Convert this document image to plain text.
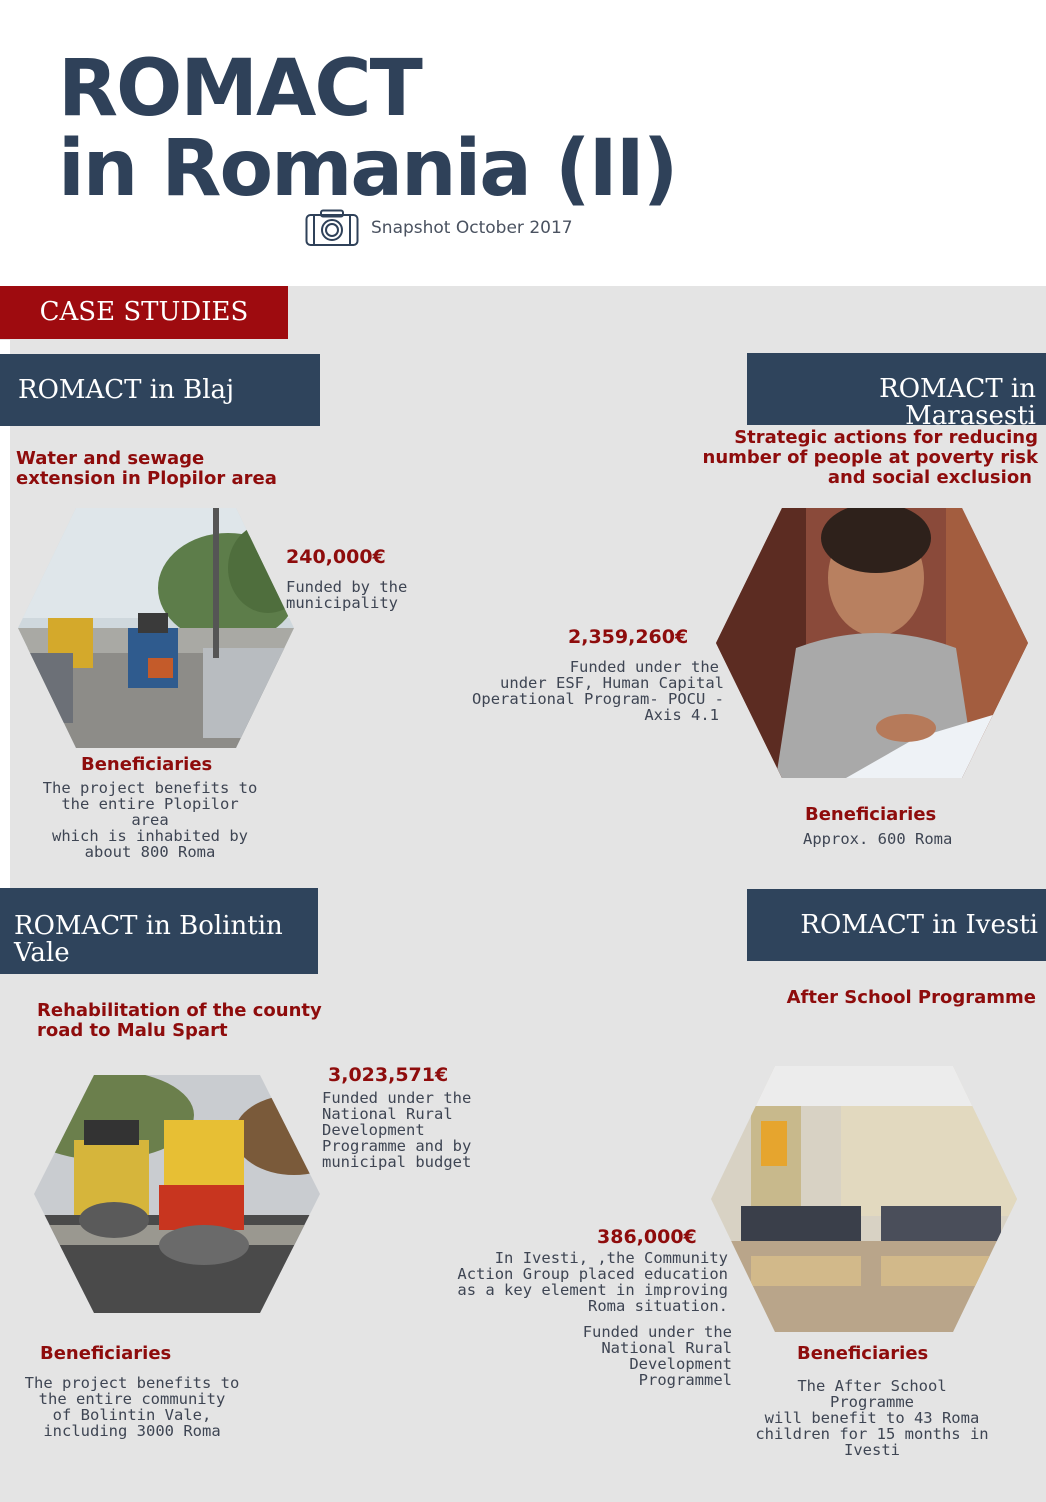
ROMACT
in Romania (II)
Snapshot October 2017
CASE STUDIES
ROMACT in Blaj
Water and sewage
extension in Plopilor area
240,000€
Funded by the
municipality
Beneficiaries
The project benefits to
the entire Plopilor area
which is inhabited by
about 800 Roma
ROMACT in Marasesti
Strategic actions for reducing
number of people at poverty risk
and social exclusion
2,359,260€
Funded under the
under ESF, Human Capital
Operational Program- POCU -
Axis 4.1
Beneficiaries
Approx. 600 Roma
ROMACT in Bolintin
Vale
Rehabilitation of the county
road to Malu Spart
3,023,571€
Funded under the
National Rural
Development
Programme and by
municipal budget
Beneficiaries
The project benefits to
the entire community
of Bolintin Vale,
including 3000 Roma
ROMACT in Ivesti
After School Programme
386,000€
In Ivesti, ,the Community
Action Group placed education
as a key element in improving
Roma situation.
Funded under the
National Rural
Development
Programmel
Beneficiaries
The After School Programme
will benefit to 43 Roma
children for 15 months in
Ivesti
